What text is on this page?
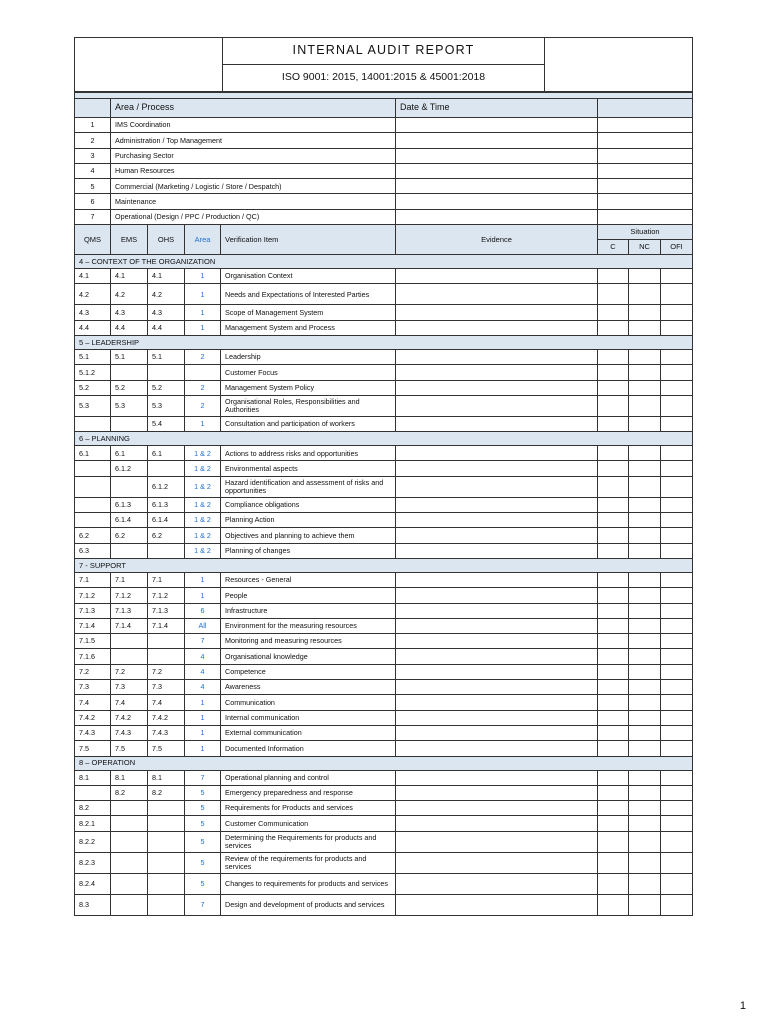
	INTERNAL AUDIT REPORT	
ISO 9001: 2015, 14001:2015 & 45001:2018

	Area / Process				Date & Time			
1	IMS Coordination							
2	Administration / Top Management							
3	Purchasing Sector							
4	Human Resources							
5	Commercial (Marketing / Logistic / Store / Despatch)							
6	Maintenance							
7	Operational (Design / PPC / Production / QC)							
QMS	EMS	OHS	Area	Verification Item	Evidence	Situation		
						C	NC	OFI
4 – CONTEXT OF THE ORGANIZATION								
4.1	4.1	4.1	1	Organisation Context				
4.2	4.2	4.2	1	Needs and Expectations of Interested Parties				
4.3	4.3	4.3	1	Scope of Management System				
4.4	4.4	4.4	1	Management System and Process				
5 – LEADERSHIP								
5.1	5.1	5.1	2	Leadership				
5.1.2				Customer Focus				
5.2	5.2	5.2	2	Management System Policy				
5.3	5.3	5.3	2	Organisational Roles, Responsibilities and Authorities				
		5.4	1	Consultation and participation of workers				
6 – PLANNING								
6.1	6.1	6.1	1 & 2	Actions to address risks and opportunities				
	6.1.2		1 & 2	Environmental aspects				
		6.1.2	1 & 2	Hazard identification and assessment of risks and opportunities				
	6.1.3	6.1.3	1 & 2	Compliance obligations				
	6.1.4	6.1.4	1 & 2	Planning Action				
6.2	6.2	6.2	1 & 2	Objectives and planning to achieve them				
6.3			1 & 2	Planning of changes				
7 - SUPPORT								
7.1	7.1	7.1	1	Resources - General				
7.1.2	7.1.2	7.1.2	1	People				
7.1.3	7.1.3	7.1.3	6	Infrastructure				
7.1.4	7.1.4	7.1.4	All	Environment for the measuring resources				
7.1.5			7	Monitoring and measuring resources				
7.1.6			4	Organisational knowledge				
7.2	7.2	7.2	4	Competence				
7.3	7.3	7.3	4	Awareness				
7.4	7.4	7.4	1	Communication				
7.4.2	7.4.2	7.4.2	1	Internal communication				
7.4.3	7.4.3	7.4.3	1	External communication				
7.5	7.5	7.5	1	Documented Information				
8 – OPERATION								
8.1	8.1	8.1	7	Operational planning and control				
	8.2	8.2	5	Emergency preparedness and response				
8.2			5	Requirements for Products and services				
8.2.1			5	Customer Communication				
8.2.2			5	Determining the Requirements for products and services				
8.2.3			5	Review of the requirements for products and services				
8.2.4			5	Changes to requirements for products and services				
8.3			7	Design and development of products and services				
1
